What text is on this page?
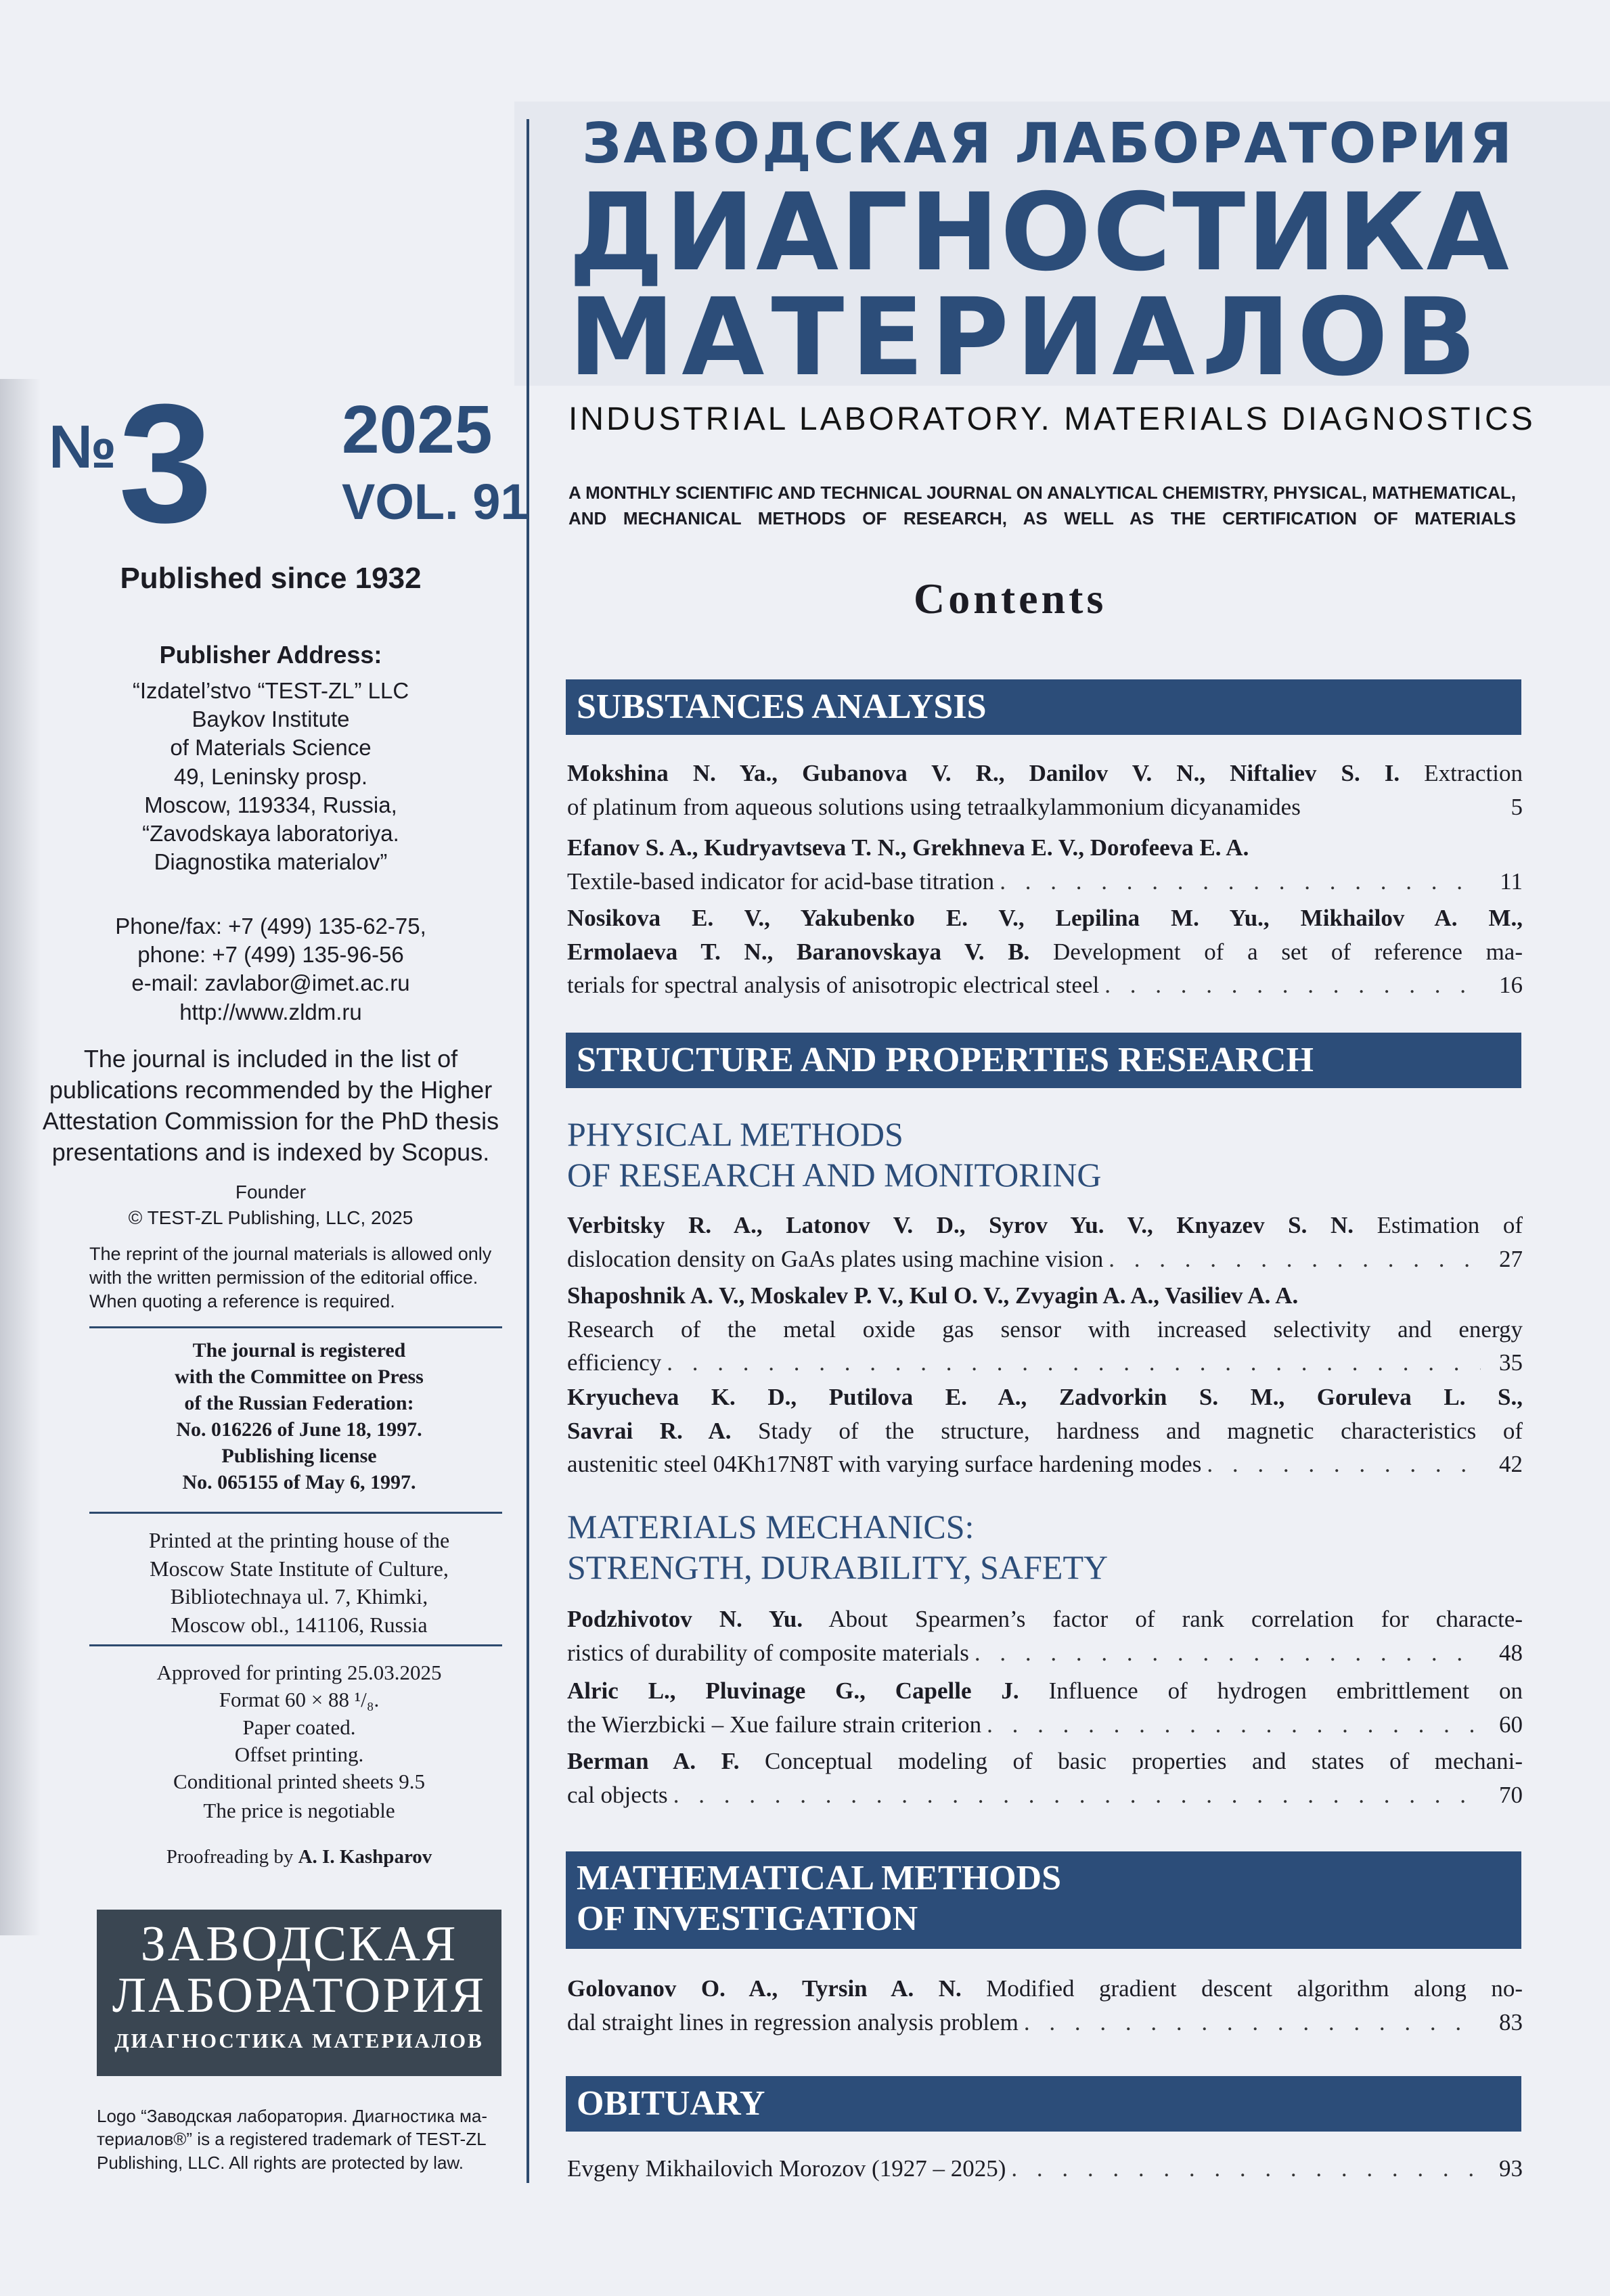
№ 3 2025
VOL. 91
Published since 1932
Publisher Address:
“Izdatel’stvo “TEST-ZL” LLC
Baykov Institute
of Materials Science
49, Leninsky prosp.
Moscow, 119334, Russia,
“Zavodskaya laboratoriya.
Diagnostika materialov”
Phone/fax: +7 (499) 135-62-75,
phone: +7 (499) 135-96-56
e-mail: zavlabor@imet.ac.ru
http://www.zldm.ru
The journal is included in the list of
publications recommended by the Higher
Attestation Commission for the PhD thesis
presentations and is indexed by Scopus.
Founder
© TEST-ZL Publishing, LLC, 2025
The reprint of the journal materials is allowed only
with the written permission of the editorial office.
When quoting a reference is required.
The journal is registered
with the Committee on Press
of the Russian Federation:
No. 016226 of June 18, 1997.
Publishing license
No. 065155 of May 6, 1997.
Printed at the printing house of the
Moscow State Institute of Culture,
Bibliotechnaya ul. 7, Khimki,
Moscow obl., 141106, Russia
Approved for printing 25.03.2025
Format 60 × 88 ¹/₈.
Paper coated.
Offset printing.
Conditional printed sheets 9.5
The price is negotiable
Proofreading by A. I. Kashparov
ЗАВОДСКАЯ
ЛАБОРАТОРИЯ
ДИАГНОСТИКА МАТЕРИАЛОВ
Logo “Заводская лаборатория. Диагностика ма-
териалов®” is a registered trademark of TEST-ZL
Publishing, LLC. All rights are protected by law.
ЗАВОДСКАЯ ЛАБОРАТОРИЯ
ДИАГНОСТИКА
МАТЕРИАЛОВ
INDUSTRIAL LABORATORY. MATERIALS DIAGNOSTICS
A MONTHLY SCIENTIFIC AND TECHNICAL JOURNAL ON ANALYTICAL CHEMISTRY, PHYSICAL, MATHEMATICAL,
AND MECHANICAL METHODS OF RESEARCH, AS WELL AS THE CERTIFICATION OF MATERIALS
Contents
SUBSTANCES ANALYSIS
Mokshina N. Ya., Gubanova V. R., Danilov V. N., Niftaliev S. I. Extraction
of platinum from aqueous solutions using tetraalkylammonium dicyanamides	5
Efanov S. A., Kudryavtseva T. N., Grekhneva E. V., Dorofeeva E. A.
Textile-based indicator for acid-base titration . . .	11
Nosikova E. V., Yakubenko E. V., Lepilina M. Yu., Mikhailov A. M.,
Ermolaeva T. N., Baranovskaya V. B. Development of a set of reference ma-
terials for spectral analysis of anisotropic electrical steel . . .	16
STRUCTURE AND PROPERTIES RESEARCH
PHYSICAL METHODS
OF RESEARCH AND MONITORING
Verbitsky R. A., Latonov V. D., Syrov Yu. V., Knyazev S. N. Estimation of
dislocation density on GaAs plates using machine vision . . .	27
Shaposhnik A. V., Moskalev P. V., Kul O. V., Zvyagin A. A., Vasiliev A. A.
Research of the metal oxide gas sensor with increased selectivity and energy
efficiency . . .	35
Kryucheva K. D., Putilova E. A., Zadvorkin S. M., Goruleva L. S.,
Savrai R. A. Stady of the structure, hardness and magnetic characteristics of
austenitic steel 04Kh17N8T with varying surface hardening modes . . .	42
MATERIALS MECHANICS:
STRENGTH, DURABILITY, SAFETY
Podzhivotov N. Yu. About Spearmen’s factor of rank correlation for characte-
ristics of durability of composite materials . . .	48
Alric L., Pluvinage G., Capelle J. Influence of hydrogen embrittlement on
the Wierzbicki – Xue failure strain criterion . . .	60
Berman A. F. Conceptual modeling of basic properties and states of mechani-
cal objects . . .	70
MATHEMATICAL METHODS
OF INVESTIGATION
Golovanov O. A., Tyrsin A. N. Modified gradient descent algorithm along no-
dal straight lines in regression analysis problem . . .	83
OBITUARY
Evgeny Mikhailovich Morozov (1927 – 2025) . . .	93
